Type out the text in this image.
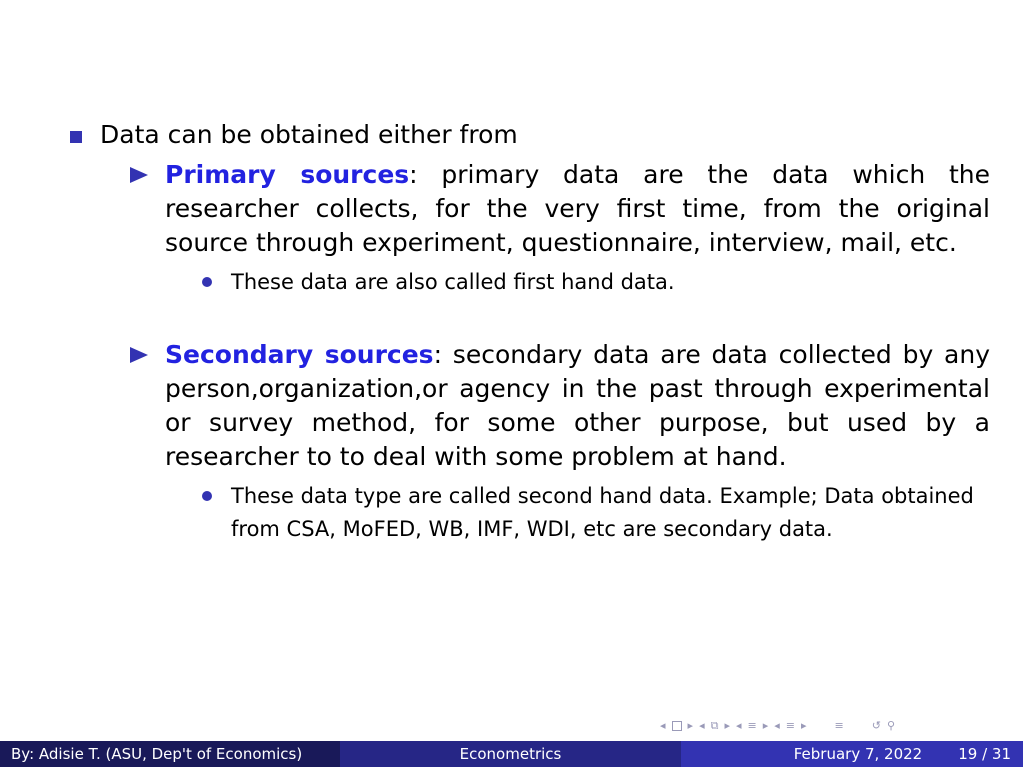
Data can be obtained either from
Primary sources: primary data are the data which the researcher collects, for the very first time, from the original source through experiment, questionnaire, interview, mail, etc.
These data are also called first hand data.
Secondary sources: secondary data are data collected by any person,organization,or agency in the past through experimental or survey method, for some other purpose, but used by a researcher to to deal with some problem at hand.
These data type are called second hand data. Example; Data obtained from CSA, MoFED, WB, IMF, WDI, etc are secondary data.
◂ ▸ ◂ ⧉ ▸ ◂ ≡ ▸ ◂ ≡ ▸	≡	↺ ⚲
By: Adisie T. (ASU, Dep't of Economics)	Econometrics	February 7, 2022 19 / 31
